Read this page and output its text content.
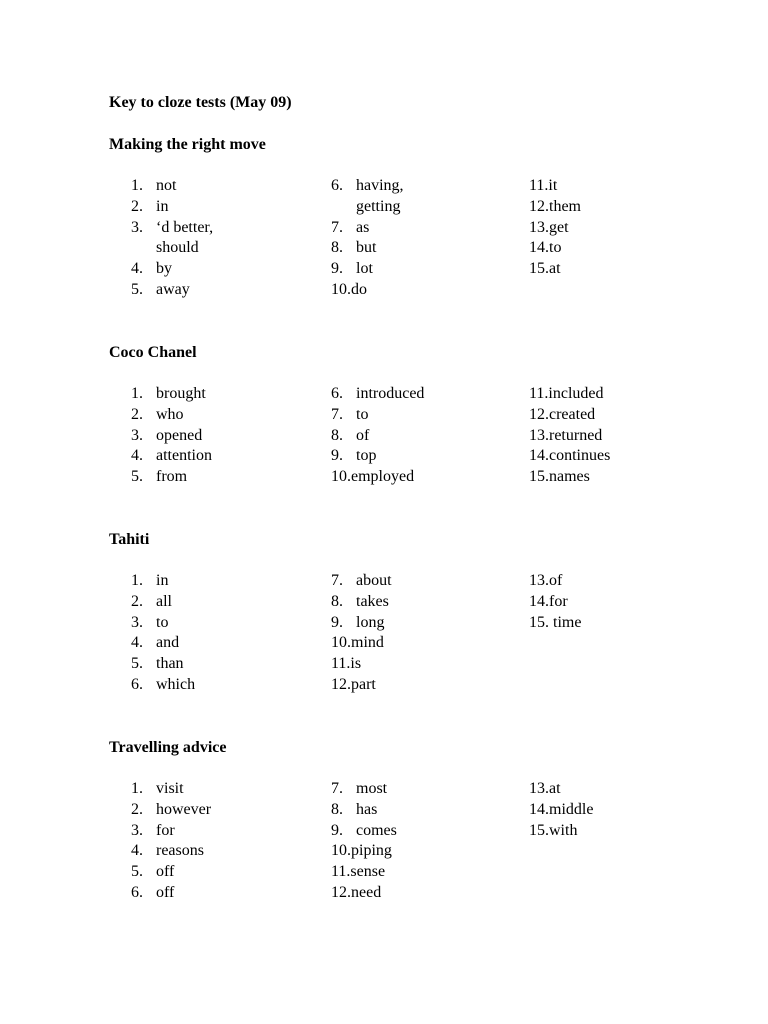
Key to cloze tests (May 09)
Making the right move
1. not
2. in
3. ‘d better,
should
4. by
5. away
6. having,
getting
7. as
8. but
9. lot
10.do
11.it
12.them
13.get
14.to
15.at
Coco Chanel
1. brought
2. who
3. opened
4. attention
5. from
6. introduced
7. to
8. of
9. top
10.employed
11.included
12.created
13.returned
14.continues
15.names
Tahiti
1. in
2. all
3. to
4. and
5. than
6. which
7. about
8. takes
9. long
10.mind
11.is
12.part
13.of
14.for
15. time
Travelling advice
1. visit
2. however
3. for
4. reasons
5. off
6. off
7. most
8. has
9. comes
10.piping
11.sense
12.need
13.at
14.middle
15.with
